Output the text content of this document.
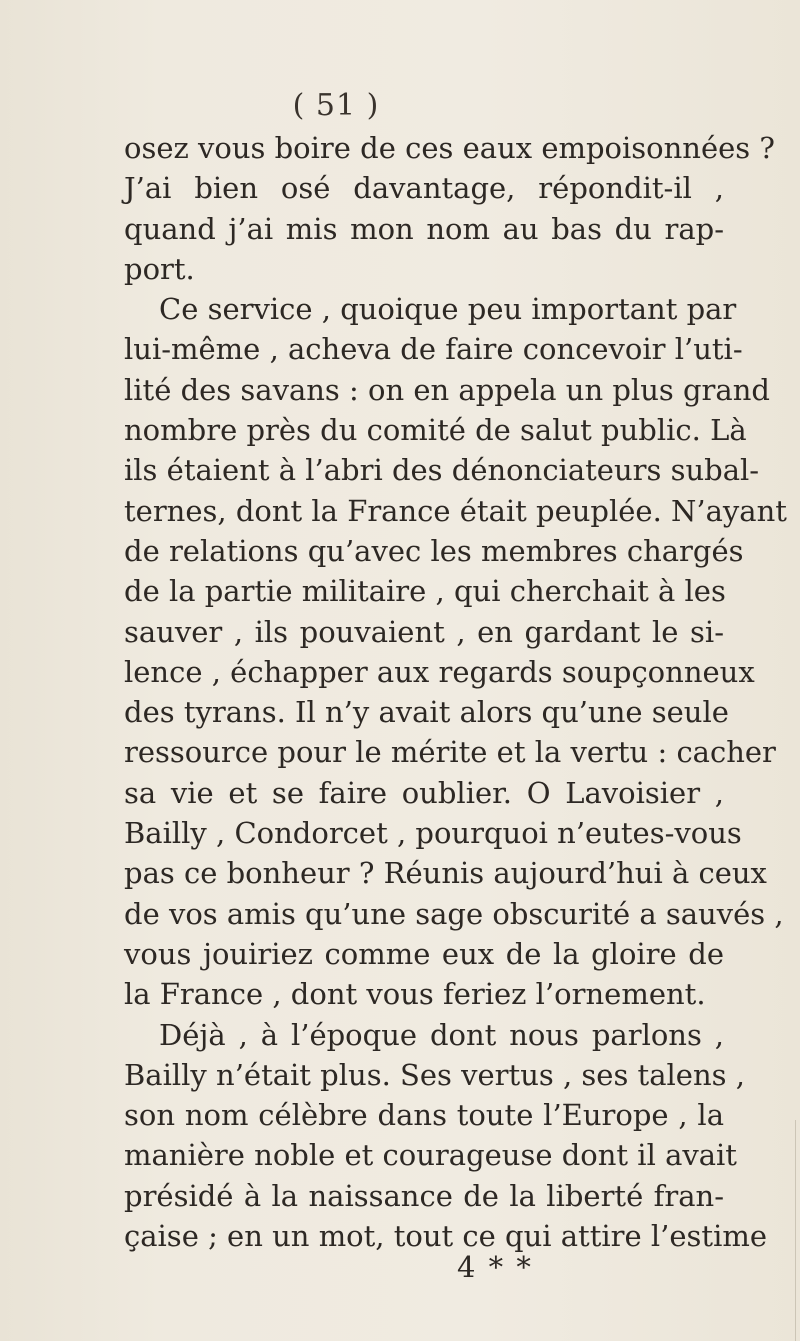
( 51 )
osez vous boire de ces eaux empoisonnées ?
J’ai bien osé davantage, répondit-il ,
quand j’ai mis mon nom au bas du rap-
port.
Ce service , quoique peu important par
lui-même , acheva de faire concevoir l’uti-
lité des savans : on en appela un plus grand
nombre près du comité de salut public. Là
ils étaient à l’abri des dénonciateurs subal-
ternes, dont la France était peuplée. N’ayant
de relations qu’avec les membres chargés
de la partie militaire , qui cherchait à les
sauver , ils pouvaient , en gardant le si-
lence , échapper aux regards soupçonneux
des tyrans. Il n’y avait alors qu’une seule
ressource pour le mérite et la vertu : cacher
sa vie et se faire oublier. O Lavoisier ,
Bailly , Condorcet , pourquoi n’eutes-vous
pas ce bonheur ? Réunis aujourd’hui à ceux
de vos amis qu’une sage obscurité a sauvés ,
vous jouiriez comme eux de la gloire de
la France , dont vous feriez l’ornement.
Déjà , à l’époque dont nous parlons ,
Bailly n’était plus. Ses vertus , ses talens ,
son nom célèbre dans toute l’Europe , la
manière noble et courageuse dont il avait
présidé à la naissance de la liberté fran-
çaise ; en un mot, tout ce qui attire l’estime
4 * *
